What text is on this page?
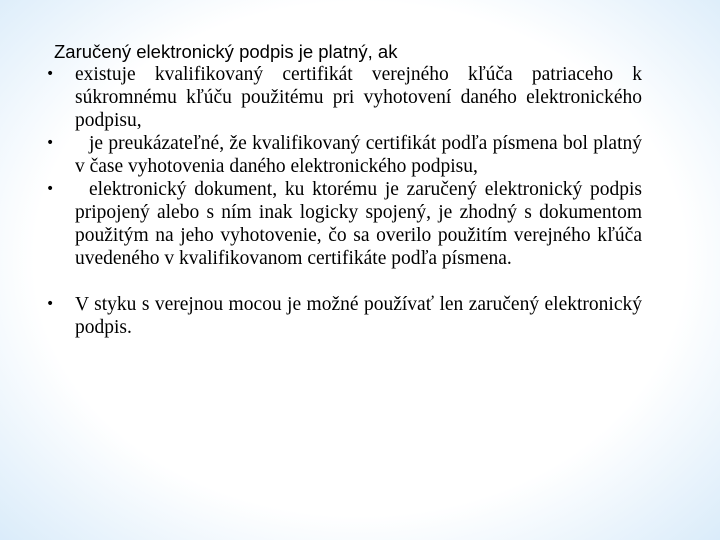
Zaručený elektronický podpis je platný, ak

•	existuje kvalifikovaný certifikát verejného kľúča patriaceho k súkromnému kľúču použitému pri vyhotovení daného elektronického podpisu,
•	je preukázateľné, že kvalifikovaný certifikát podľa písmena bol platný v čase vyhotovenia daného elektronického podpisu,
•	elektronický dokument, ku ktorému je zaručený elektronický podpis pripojený alebo s ním inak logicky spojený, je zhodný s dokumentom použitým na jeho vyhotovenie, čo sa overilo použitím verejného kľúča uvedeného v kvalifikovanom certifikáte podľa písmena.
•	V styku s verejnou mocou je možné používať len zaručený elektronický podpis.
